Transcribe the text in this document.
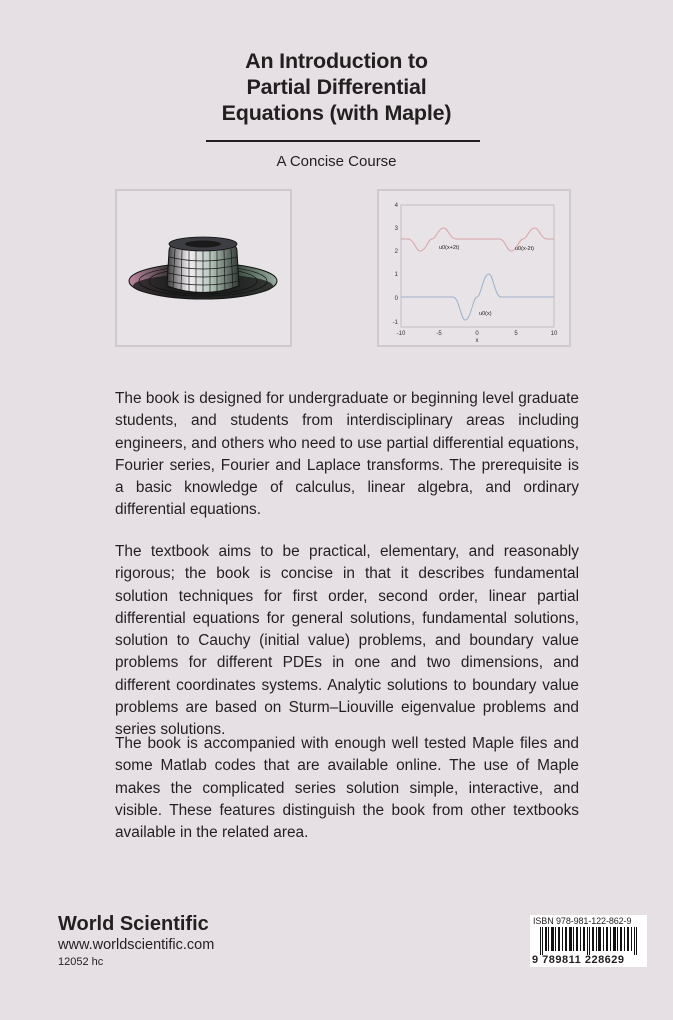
An Introduction to
Partial Differential
Equations (with Maple)
A Concise Course
4
3
2
1
0
-1
-10	-5	0	5	10
x
u0(x+2t)	u0(x-2t)
u0(x)

The book is designed for undergraduate or beginning level graduate students, and students from interdisciplinary areas including engineers, and others who need to use partial differential equations, Fourier series, Fourier and Laplace transforms. The prerequisite is a basic knowledge of calculus, linear algebra, and ordinary differential equations.

The textbook aims to be practical, elementary, and reasonably rigorous; the book is concise in that it describes fundamental solution techniques for first order, second order, linear partial differential equations for general solutions, fundamental solutions, solution to Cauchy (initial value) problems, and boundary value problems for different PDEs in one and two dimensions, and different coordinates systems. Analytic solutions to boundary value problems are based on Sturm–Liouville eigenvalue problems and series solutions.

The book is accompanied with enough well tested Maple files and some Matlab codes that are available online. The use of Maple makes the complicated series solution simple, interactive, and visible. These features distinguish the book from other textbooks available in the related area.

World Scientific
www.worldscientific.com
12052 hc
ISBN 978-981-122-862-9
9 789811 228629
